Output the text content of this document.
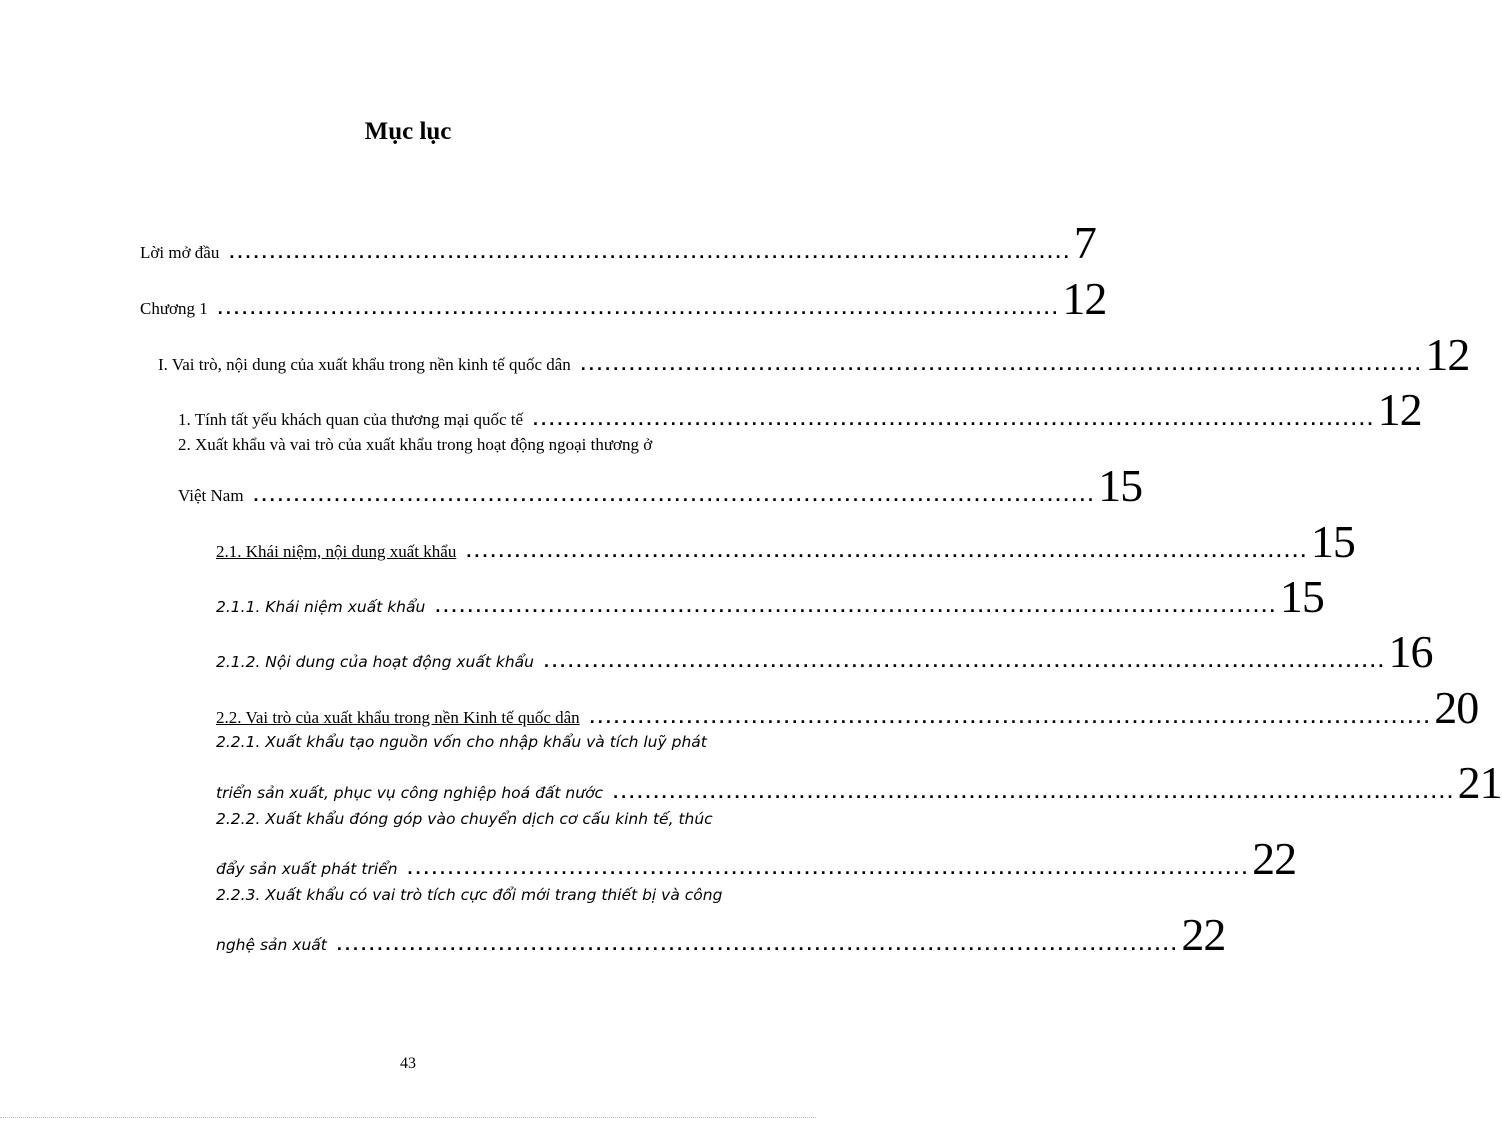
Mục lục
Lời mở đầu ........................................................................................................ 7
Chương 1 ........................................................................................................ 12
I. Vai trò, nội dung của xuất khẩu trong nền kinh tế quốc dân ........................................................................................................ 12
1. Tính tất yếu khách quan của thương mại quốc tế ........................................................................................................ 12
2. Xuất khẩu và vai trò của xuất khẩu trong hoạt động ngoại thương ở
Việt Nam ........................................................................................................ 15
2.1. Khái niệm, nội dung xuất khẩu ........................................................................................................ 15
2.1.1. Khái niệm xuất khẩu ........................................................................................................ 15
2.1.2. Nội dung của hoạt động xuất khẩu ........................................................................................................ 16
2.2. Vai trò của xuất khẩu trong nền Kinh tế quốc dân ........................................................................................................ 20
2.2.1. Xuất khẩu tạo nguồn vốn cho nhập khẩu và tích luỹ phát
triển sản xuất, phục vụ công nghiệp hoá đất nước ........................................................................................................ 21
2.2.2. Xuất khẩu đóng góp vào chuyển dịch cơ cấu kinh tế, thúc
đẩy sản xuất phát triển ........................................................................................................ 22
2.2.3. Xuất khẩu có vai trò tích cực đổi mới trang thiết bị và công
nghệ sản xuất ........................................................................................................ 22
43
